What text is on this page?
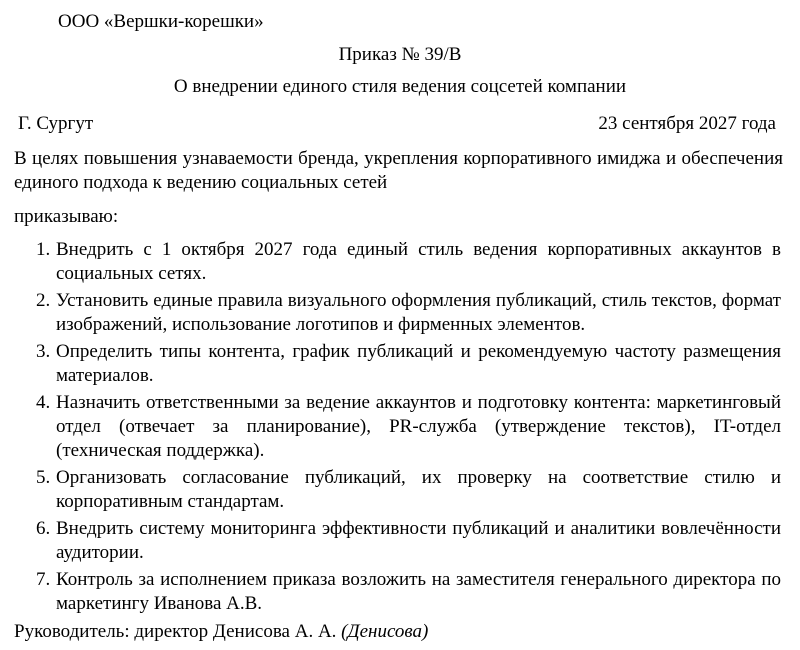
ООО «Вершки-корешки»
Приказ № 39/В
О внедрении единого стиля ведения соцсетей компании
Г. Сургут	23 сентября 2027 года
В целях повышения узнаваемости бренда, укрепления корпоративного имиджа и обеспечения единого подхода к ведению социальных сетей
приказываю:
1. Внедрить с 1 октября 2027 года единый стиль ведения корпоративных аккаунтов в социальных сетях.
2. Установить единые правила визуального оформления публикаций, стиль текстов, формат изображений, использование логотипов и фирменных элементов.
3. Определить типы контента, график публикаций и рекомендуемую частоту размещения материалов.
4. Назначить ответственными за ведение аккаунтов и подготовку контента: маркетинговый отдел (отвечает за планирование), PR-служба (утверждение текстов), IT-отдел (техническая поддержка).
5. Организовать согласование публикаций, их проверку на соответствие стилю и корпоративным стандартам.
6. Внедрить систему мониторинга эффективности публикаций и аналитики вовлечённости аудитории.
7. Контроль за исполнением приказа возложить на заместителя генерального директора по маркетингу Иванова А.В.
Руководитель: директор Денисова А. А. (Денисова)
